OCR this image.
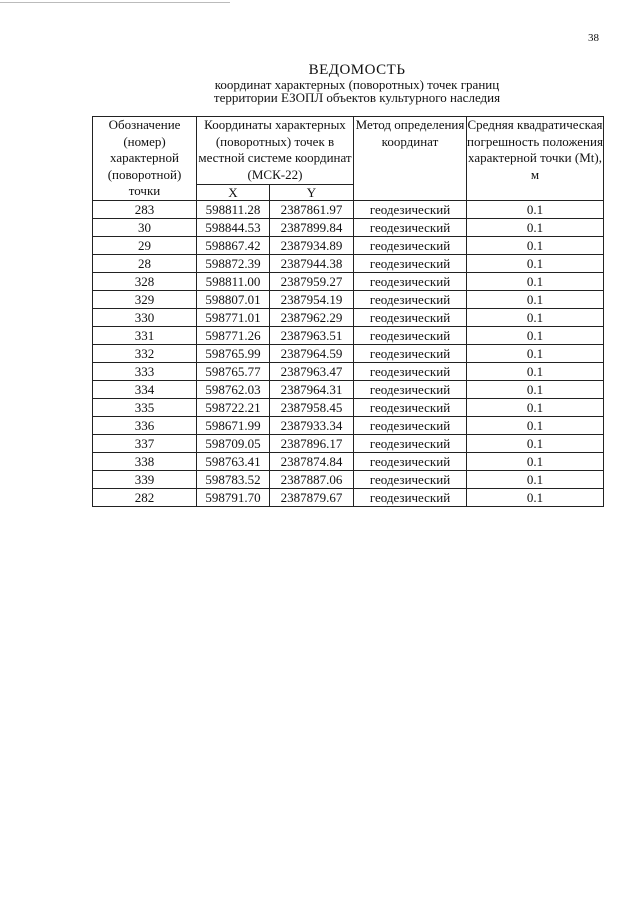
38
ВЕДОМОСТЬ
координат характерных (поворотных) точек границ
территории ЕЗОПЛ объектов культурного наследия
Обозначение (номер) характерной (поворотной) точки	Координаты характерных (поворотных) точек в местной системе координат (МСК-22)		Метод определения координат	Средняя квадратическая погрешность положения характерной точки (Mt), м
	X	Y		
283	598811.28	2387861.97	геодезический	0.1
30	598844.53	2387899.84	геодезический	0.1
29	598867.42	2387934.89	геодезический	0.1
28	598872.39	2387944.38	геодезический	0.1
328	598811.00	2387959.27	геодезический	0.1
329	598807.01	2387954.19	геодезический	0.1
330	598771.01	2387962.29	геодезический	0.1
331	598771.26	2387963.51	геодезический	0.1
332	598765.99	2387964.59	геодезический	0.1
333	598765.77	2387963.47	геодезический	0.1
334	598762.03	2387964.31	геодезический	0.1
335	598722.21	2387958.45	геодезический	0.1
336	598671.99	2387933.34	геодезический	0.1
337	598709.05	2387896.17	геодезический	0.1
338	598763.41	2387874.84	геодезический	0.1
339	598783.52	2387887.06	геодезический	0.1
282	598791.70	2387879.67	геодезический	0.1
